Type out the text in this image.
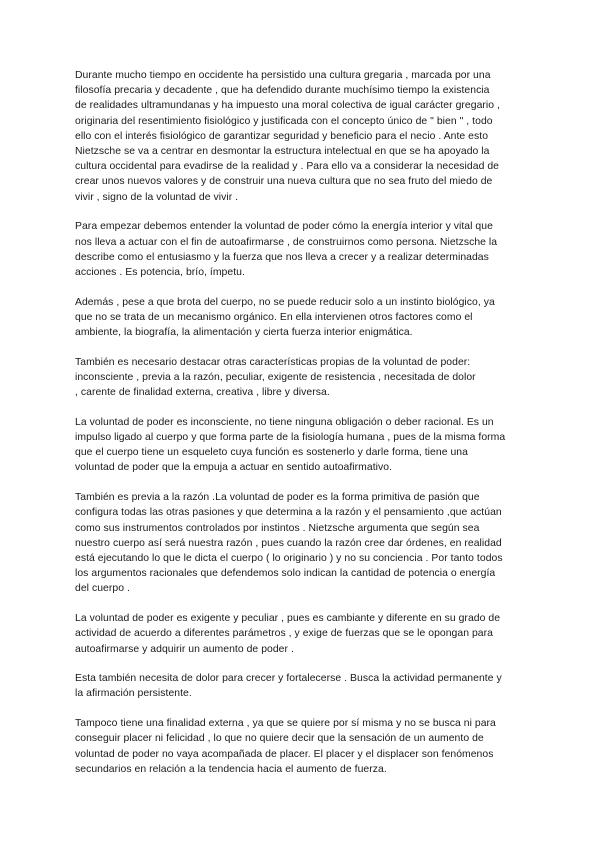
Durante mucho tiempo en occidente ha persistido una cultura gregaria , marcada por una
filosofía precaria y decadente , que ha defendido durante muchísimo tiempo la existencia
de realidades ultramundanas y ha impuesto una moral colectiva de igual carácter gregario ,
originaria del resentimiento fisiológico y justificada con el concepto único de " bien " , todo
ello con el interés fisiológico de garantizar seguridad y beneficio para el necio . Ante esto
Nietzsche se va a centrar en desmontar la estructura intelectual en que se ha apoyado la
cultura occidental para evadirse de la realidad y . Para ello va a considerar la necesidad de
crear unos nuevos valores y de construir una nueva cultura que no sea fruto del miedo de
vivir , signo de la voluntad de vivir .

Para empezar debemos entender la voluntad de poder cómo la energía interior y vital que
nos lleva a actuar con el fin de autoafirmarse , de construirnos como persona. Nietzsche la
describe como el entusiasmo y la fuerza que nos lleva a crecer y a realizar determinadas
acciones . Es potencia, brío, ímpetu.

Además , pese a que brota del cuerpo, no se puede reducir solo a un instinto biológico, ya
que no se trata de un mecanismo orgánico. En ella intervienen otros factores como el
ambiente, la biografía, la alimentación y cierta fuerza interior enigmática.

También es necesario destacar otras características propias de la voluntad de poder:
inconsciente , previa a la razón, peculiar, exigente de resistencia , necesitada de dolor
, carente de finalidad externa, creativa , libre y diversa.

La voluntad de poder es inconsciente, no tiene ninguna obligación o deber racional. Es un
impulso ligado al cuerpo y que forma parte de la fisiología humana , pues de la misma forma
que el cuerpo tiene un esqueleto cuya función es sostenerlo y darle forma, tiene una
voluntad de poder que la empuja a actuar en sentido autoafirmativo.

También es previa a la razón .La voluntad de poder es la forma primitiva de pasión que
configura todas las otras pasiones y que determina a la razón y el pensamiento ,que actúan
como sus instrumentos controlados por instintos . Nietzsche argumenta que según sea
nuestro cuerpo así será nuestra razón , pues cuando la razón cree dar órdenes, en realidad
está ejecutando lo que le dicta el cuerpo ( lo originario ) y no su conciencia . Por tanto todos
los argumentos racionales que defendemos solo indican la cantidad de potencia o energía
del cuerpo .

La voluntad de poder es exigente y peculiar , pues es cambiante y diferente en su grado de
actividad de acuerdo a diferentes parámetros , y exige de fuerzas que se le opongan para
autoafirmarse y adquirir un aumento de poder .

Esta también necesita de dolor para crecer y fortalecerse . Busca la actividad permanente y
la afirmación persistente.

Tampoco tiene una finalidad externa , ya que se quiere por sí misma y no se busca ni para
conseguir placer ni felicidad , lo que no quiere decir que la sensación de un aumento de
voluntad de poder no vaya acompañada de placer. El placer y el displacer son fenómenos
secundarios en relación a la tendencia hacia el aumento de fuerza.
